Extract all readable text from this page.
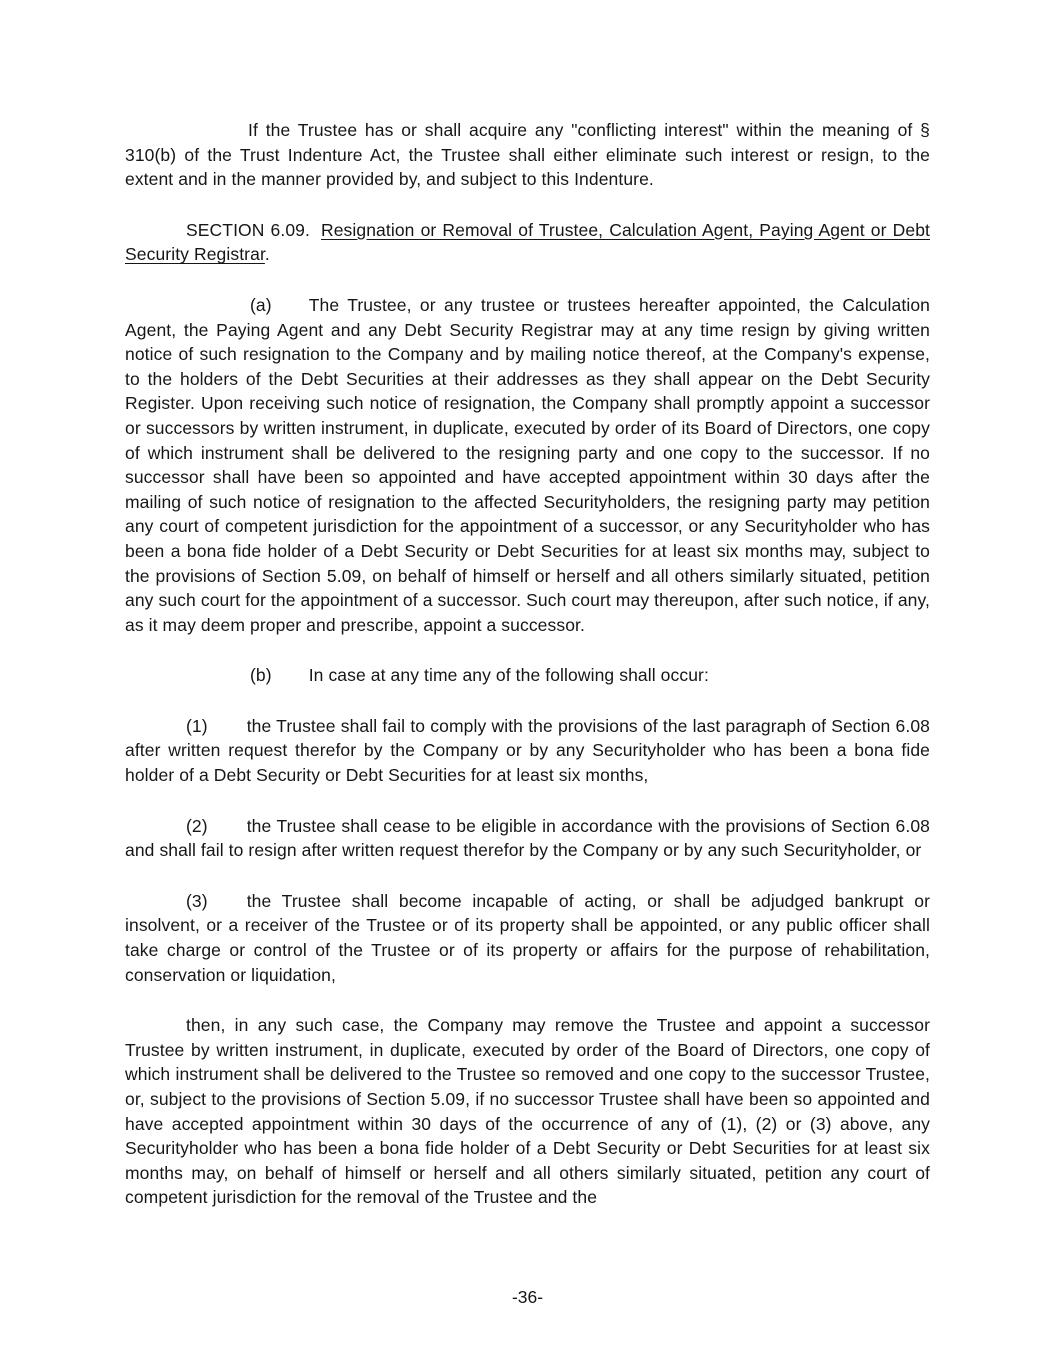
If the Trustee has or shall acquire any "conflicting interest" within the meaning of § 310(b) of the Trust Indenture Act, the Trustee shall either eliminate such interest or resign, to the extent and in the manner provided by, and subject to this Indenture.

SECTION 6.09. Resignation or Removal of Trustee, Calculation Agent, Paying Agent or Debt Security Registrar.

(a) The Trustee, or any trustee or trustees hereafter appointed, the Calculation Agent, the Paying Agent and any Debt Security Registrar may at any time resign by giving written notice of such resignation to the Company and by mailing notice thereof, at the Company's expense, to the holders of the Debt Securities at their addresses as they shall appear on the Debt Security Register. Upon receiving such notice of resignation, the Company shall promptly appoint a successor or successors by written instrument, in duplicate, executed by order of its Board of Directors, one copy of which instrument shall be delivered to the resigning party and one copy to the successor. If no successor shall have been so appointed and have accepted appointment within 30 days after the mailing of such notice of resignation to the affected Securityholders, the resigning party may petition any court of competent jurisdiction for the appointment of a successor, or any Securityholder who has been a bona fide holder of a Debt Security or Debt Securities for at least six months may, subject to the provisions of Section 5.09, on behalf of himself or herself and all others similarly situated, petition any such court for the appointment of a successor. Such court may thereupon, after such notice, if any, as it may deem proper and prescribe, appoint a successor.

(b) In case at any time any of the following shall occur:

(1) the Trustee shall fail to comply with the provisions of the last paragraph of Section 6.08 after written request therefor by the Company or by any Securityholder who has been a bona fide holder of a Debt Security or Debt Securities for at least six months,

(2) the Trustee shall cease to be eligible in accordance with the provisions of Section 6.08 and shall fail to resign after written request therefor by the Company or by any such Securityholder, or

(3) the Trustee shall become incapable of acting, or shall be adjudged bankrupt or insolvent, or a receiver of the Trustee or of its property shall be appointed, or any public officer shall take charge or control of the Trustee or of its property or affairs for the purpose of rehabilitation, conservation or liquidation,

then, in any such case, the Company may remove the Trustee and appoint a successor Trustee by written instrument, in duplicate, executed by order of the Board of Directors, one copy of which instrument shall be delivered to the Trustee so removed and one copy to the successor Trustee, or, subject to the provisions of Section 5.09, if no successor Trustee shall have been so appointed and have accepted appointment within 30 days of the occurrence of any of (1), (2) or (3) above, any Securityholder who has been a bona fide holder of a Debt Security or Debt Securities for at least six months may, on behalf of himself or herself and all others similarly situated, petition any court of competent jurisdiction for the removal of the Trustee and the

-36-
